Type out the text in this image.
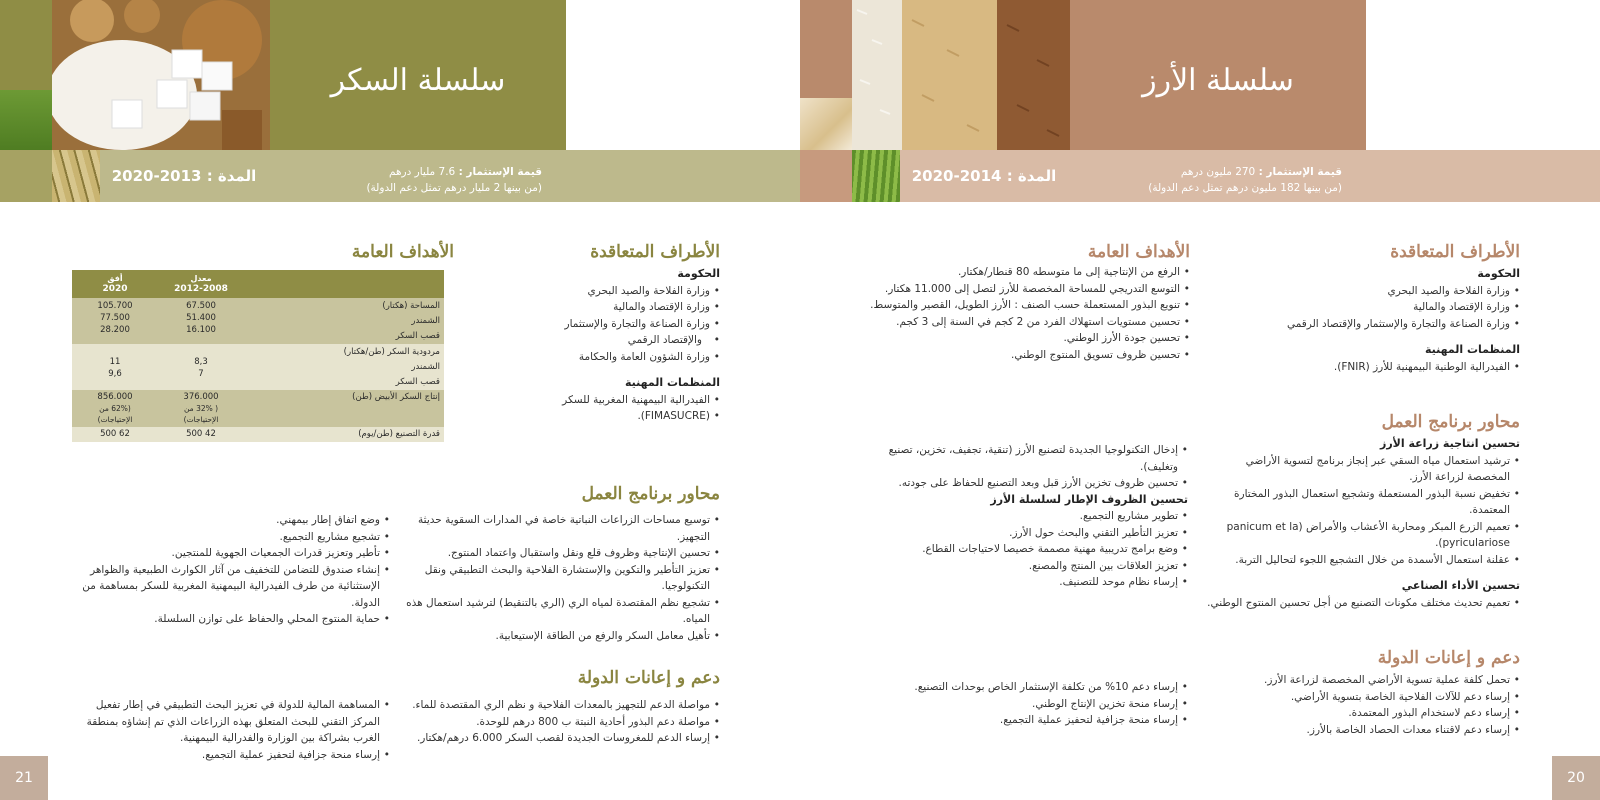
سلسلة السكر
المدة : 2013-2020	قيمة الإستثمار : 7.6 مليار درهم
(من بينها 2 مليار درهم تمثل دعم الدولة)
الأطراف المتعاقدة
الحكومة
• وزارة الفلاحة والصيد البحري
• وزارة الإقتصاد والمالية
• وزارة الصناعة والتجارة والإستثمار
• والإقتصاد الرقمي
• وزارة الشؤون العامة والحكامة
المنظمات المهنية
• الفيدرالية البيمهنية المغربية للسكر
• (FIMASUCRE).
الأهداف العامة
معدل
2012-2008
أفق
2020
المساحة (هكتار)
الشمندر
قصب السكر
67.500
51.400
16.100
105.700
77.500
28.200
مردودية السكر (طن/هكتار)
الشمندر
قصب السكر
8,3
7
11
9,6
إنتاج السكر الأبيض (طن)
376.000
( 32% من
الإحتياجات)
856.000
(62% من
الإحتياجات)
قدرة التصنيع (طن/يوم)
42 500
62 500
محاور برنامج العمل
• توسيع مساحات الزراعات النباتية خاصة في المدارات السقوية حديثة التجهيز.
• تحسين الإنتاجية وظروف قلع ونقل واستقبال واعتماد المنتوج.
• تعزيز التأطير والتكوين والإستشارة الفلاحية والبحث التطبيقي ونقل التكنولوجيا.
• تشجيع نظم المقتصدة لمياه الري (الري بالتنقيط) لترشيد استعمال هذه المياه.
• تأهيل معامل السكر والرفع من الطاقة الإستيعابية.
• وضع اتفاق إطار بيمهني.
• تشجيع مشاريع التجميع.
• تأطير وتعزيز قدرات الجمعيات الجهوية للمنتجين.
• إنشاء صندوق للتضامن للتخفيف من آثار الكوارث الطبيعية والظواهر الإستثنائية من طرف الفيدرالية البيمهنية المغربية للسكر بمساهمة من الدولة.
• حماية المنتوج المحلي والحفاظ على توازن السلسلة.
دعم و إعانات الدولة
• مواصلة الدعم للتجهيز بالمعدات الفلاحية و نظم الري المقتصدة للماء.
• مواصلة دعم البذور أحادية النبتة ب 800 درهم للوحدة.
• إرساء الدعم للمغروسات الجديدة لقصب السكر 6.000 درهم/هكتار.
• المساهمة المالية للدولة في تعزيز البحث التطبيقي في إطار تفعيل المركز التقني للبحث المتعلق بهذه الزراعات الذي تم إنشاؤه بمنطقة الغرب بشراكة بين الوزارة والفدرالية البيمهنية.
• إرساء منحة جزافية لتحفيز عملية التجميع.
21
سلسلة الأرز
المدة : 2014-2020	قيمة الإستثمار : 270 مليون درهم
(من بينها 182 مليون درهم تمثل دعم الدولة)
الأطراف المتعاقدة
الحكومة
• وزارة الفلاحة والصيد البحري
• وزارة الإقتصاد والمالية
• وزارة الصناعة والتجارة والإستثمار والإقتصاد الرقمي
المنظمات المهنية
• الفيدرالية الوطنية البيمهنية للأرز (FNIR).
الأهداف العامة
• الرفع من الإنتاجية إلى ما متوسطه 80 قنطار/هكتار.
• التوسع التدريجي للمساحة المخصصة للأرز لتصل إلى 11.000 هكتار.
• تنويع البذور المستعملة حسب الصنف : الأرز الطويل، القصير والمتوسط.
• تحسين مستويات استهلاك الفرد من 2 كجم في السنة إلى 3 كجم.
• تحسين جودة الأرز الوطني.
• تحسين ظروف تسويق المنتوج الوطني.
محاور برنامج العمل
تحسين انتاجية زراعة الأرز
• ترشيد استعمال مياه السقي عبر إنجاز برنامج لتسوية الأراضي المخصصة لزراعة الأرز.
• تخفيض نسبة البذور المستعملة وتشجيع استعمال البذور المختارة المعتمدة.
• تعميم الزرع المبكر ومحاربة الأعشاب والأمراض (panicum et la pyriculariose).
• عقلنة استعمال الأسمدة من خلال التشجيع اللجوء لتحاليل التربة.
تحسين الأداء الصناعي
• تعميم تحديث مختلف مكونات التصنيع من أجل تحسين المنتوج الوطني.
• إدخال التكنولوجيا الجديدة لتصنيع الأرز (تنقية، تجفيف، تخزين، تصنيع وتغليف).
• تحسين ظروف تخزين الأرز قبل وبعد التصنيع للحفاظ على جودته.
تحسين الظروف الإطار لسلسلة الأرز
• تطوير مشاريع التجميع.
• تعزيز التأطير التقني والبحث حول الأرز.
• وضع برامج تدريبية مهنية مصممة خصيصا لاحتياجات القطاع.
• تعزيز العلاقات بين المنتج والمصنع.
• إرساء نظام موحد للتصنيف.
دعم و إعانات الدولة
• تحمل كلفة عملية تسوية الأراضي المخصصة لزراعة الأرز.
• إرساء دعم للآلات الفلاحية الخاصة بتسوية الأراضي.
• إرساء دعم لاستخدام البذور المعتمدة.
• إرساء دعم لاقتناء معدات الحصاد الخاصة بالأرز.
• إرساء دعم 10% من تكلفة الإستثمار الخاص بوحدات التصنيع.
• إرساء منحة تخزين الإنتاج الوطني.
• إرساء منحة جزافية لتحفيز عملية التجميع.
20
